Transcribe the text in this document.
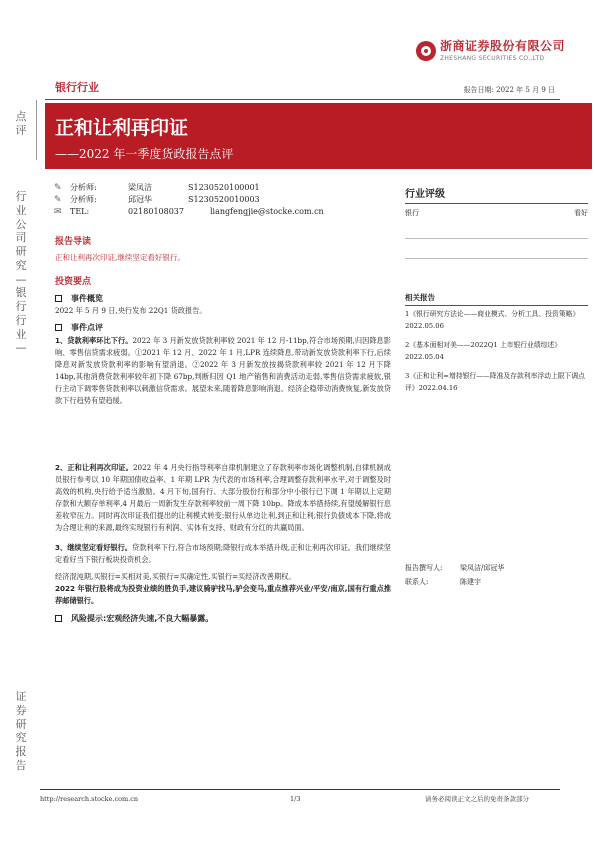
浙商证券股份有限公司
ZHESHANG SECURITIES CO.,LTD
点评
行业公司研究—银行行业—
证券研究报告
银行行业	报告日期: 2022 年 5 月 9 日
正和让利再印证
——2022 年一季度货政报告点评
✎	分析师:	梁凤洁	S1230520100001
✎	分析师:	邱冠华	S1230520010003
✉	TEL:	02180108037	liangfengjie@stocke.com.cn
报告导读
正和让利再次印证,继续坚定看好银行。
投资要点
事件概览
2022 年 5 月 9 日,央行发布 22Q1 货政报告。
事件点评
1、贷款利率环比下行。2022 年 3 月新发放贷款利率较 2021 年 12 月-11bp,符合市场预期,归因降息影响、零售信贷需求疲弱。①2021 年 12 月、2022 年 1 月,LPR 连续降息,带动新发放贷款利率下行,后续降息对新发放贷款利率的影响有望消退。②2022 年 3 月新发放按揭贷款利率较 2021 年 12 月下降 14bp,其他消费贷款利率较年初下降 67bp,判断归因 Q1 地产销售和消费活动走弱,零售信贷需求疲软,银行主动下调零售贷款利率以刺激信贷需求。展望未来,随着降息影响消退、经济企稳带动消费恢复,新发放贷款下行趋势有望趋缓。
2、正和让利再次印证。2022 年 4 月央行指导利率自律机制建立了存款利率市场化调整机制,自律机制成员银行参考以 10 年期国债收益率、1 年期 LPR 为代表的市场利率,合理调整存款利率水平,对于调整及时高效的机构,央行给予适当激励。4 月下旬,国有行、大部分股份行和部分中小银行已下调 1 年期以上定期存款和大额存单利率,4 月最后一周新发生存款利率较前一周下降 10bp。降成本举措持续,有望缓解银行息差收窄压力。同时再次印证我们提出的让利模式转变:银行从单边让利,到正和让利,银行负债成本下降,将成为合理让利的来源,最终实现银行有利润、实体有支持、财政有分红的共赢局面。
3、继续坚定看好银行。贷款利率下行,符合市场预期;降银行成本举措升级,正和让利再次印证。我们继续坚定看好当下银行板块投资机会。
经济混沌期,买银行=买相对美,买银行=买确定性,买银行=买经济改善期权。
2022 年银行股将成为投资业绩的胜负手,建议骑驴找马,驴会变马,重点推荐兴业/平安/南京,国有行重点推荐邮储银行。
风险提示:宏观经济失速,不良大幅暴露。
行业评级
银行	看好
相关报告
1《银行研究方法论——商业模式、分析工具、投资策略》2022.05.06
2《基本面相对美——2022Q1 上市银行业绩综述》2022.05.04
3《正和让利=增持银行——降准及存款利率浮动上限下调点评》2022.04.16
报告撰写人:	梁凤洁/邱冠华
联系人:	陈建宇
http://research.stocke.com.cn	1/3	请务必阅读正文之后的免责条款部分
